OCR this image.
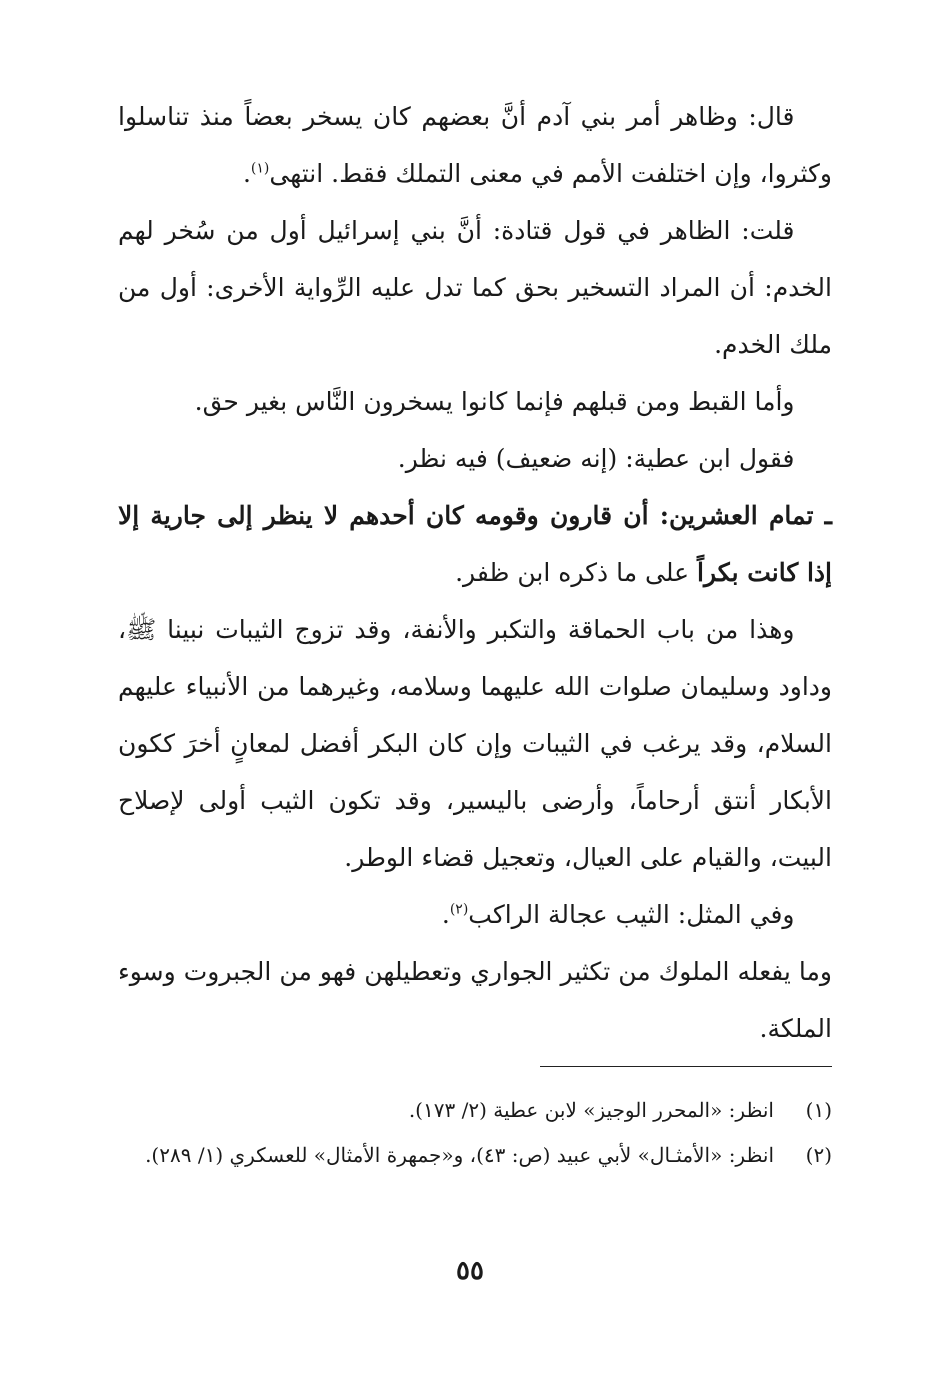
قال: وظاهر أمر بني آدم أنَّ بعضهم كان يسخر بعضاً منذ تناسلوا وكثروا، وإن اختلفت الأمم في معنى التملك فقط. انتهى$^{(١)}$.

قلت: الظاهر في قول قتادة: أنَّ بني إسرائيل أول من سُخر لهم الخدم: أن المراد التسخير بحق كما تدل عليه الرِّواية الأخرى: أول من ملك الخدم.

وأما القبط ومن قبلهم فإنما كانوا يسخرون النَّاس بغير حق.

فقول ابن عطية: (إنه ضعيف) فيه نظر.

ـ تمام العشرين: أن قارون وقومه كان أحدهم لا ينظر إلى جارية إلا إذا كانت بكراً على ما ذكره ابن ظفر.

وهذا من باب الحماقة والتكبر والأنفة، وقد تزوج الثيبات نبينا ﷺ، وداود وسليمان صلوات الله عليهما وسلامه، وغيرهما من الأنبياء عليهم السلام، وقد يرغب في الثيبات وإن كان البكر أفضل لمعانٍ أخرَ ككون الأبكار أنتق أرحاماً، وأرضى باليسير، وقد تكون الثيب أولى لإصلاح البيت، والقيام على العيال، وتعجيل قضاء الوطر.

وفي المثل: الثيب عجالة الراكب$^{(٢)}$.

وما يفعله الملوك من تكثير الجواري وتعطيلهن فهو من الجبروت وسوء الملكة.

(١)
انظر: «المحرر الوجيز» لابن عطية (٢/ ١٧٣).
(٢)
انظر: «الأمثـال» لأبي عبيد (ص: ٤٣)، و«جمهرة الأمثال» للعسكري (١/ ٢٨٩).
٥٥
